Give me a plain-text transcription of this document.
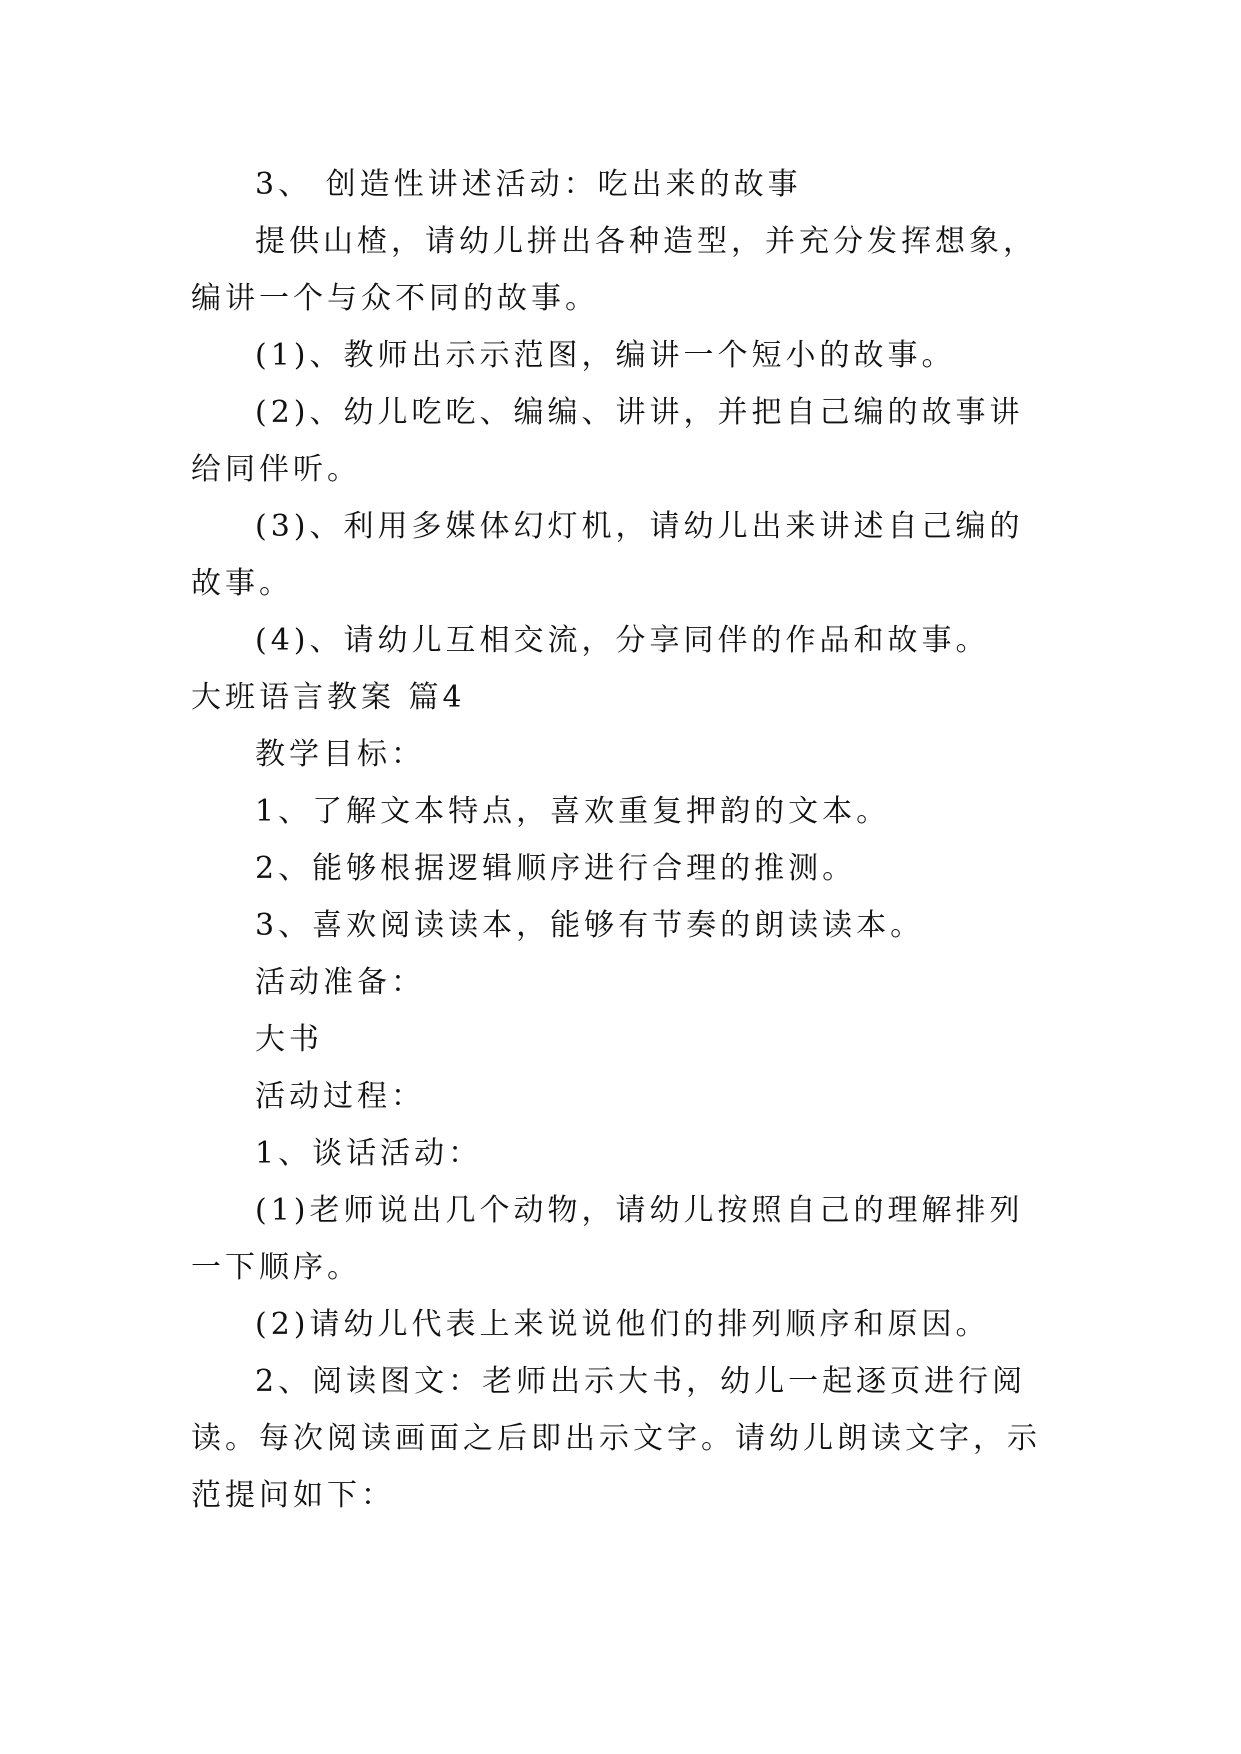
3、 创造性讲述活动：吃出来的故事

提供山楂，请幼儿拼出各种造型，并充分发挥想象，编讲一个与众不同的故事。

(1)、教师出示示范图，编讲一个短小的故事。

(2)、幼儿吃吃、编编、讲讲，并把自己编的故事讲给同伴听。

(3)、利用多媒体幻灯机，请幼儿出来讲述自己编的故事。

(4)、请幼儿互相交流，分享同伴的作品和故事。

大班语言教案 篇4

教学目标：

1、了解文本特点，喜欢重复押韵的文本。

2、能够根据逻辑顺序进行合理的推测。

3、喜欢阅读读本，能够有节奏的朗读读本。

活动准备：

大书

活动过程：

1、谈话活动：

(1)老师说出几个动物，请幼儿按照自己的理解排列一下顺序。

(2)请幼儿代表上来说说他们的排列顺序和原因。

2、阅读图文：老师出示大书，幼儿一起逐页进行阅读。每次阅读画面之后即出示文字。请幼儿朗读文字，示范提问如下：
